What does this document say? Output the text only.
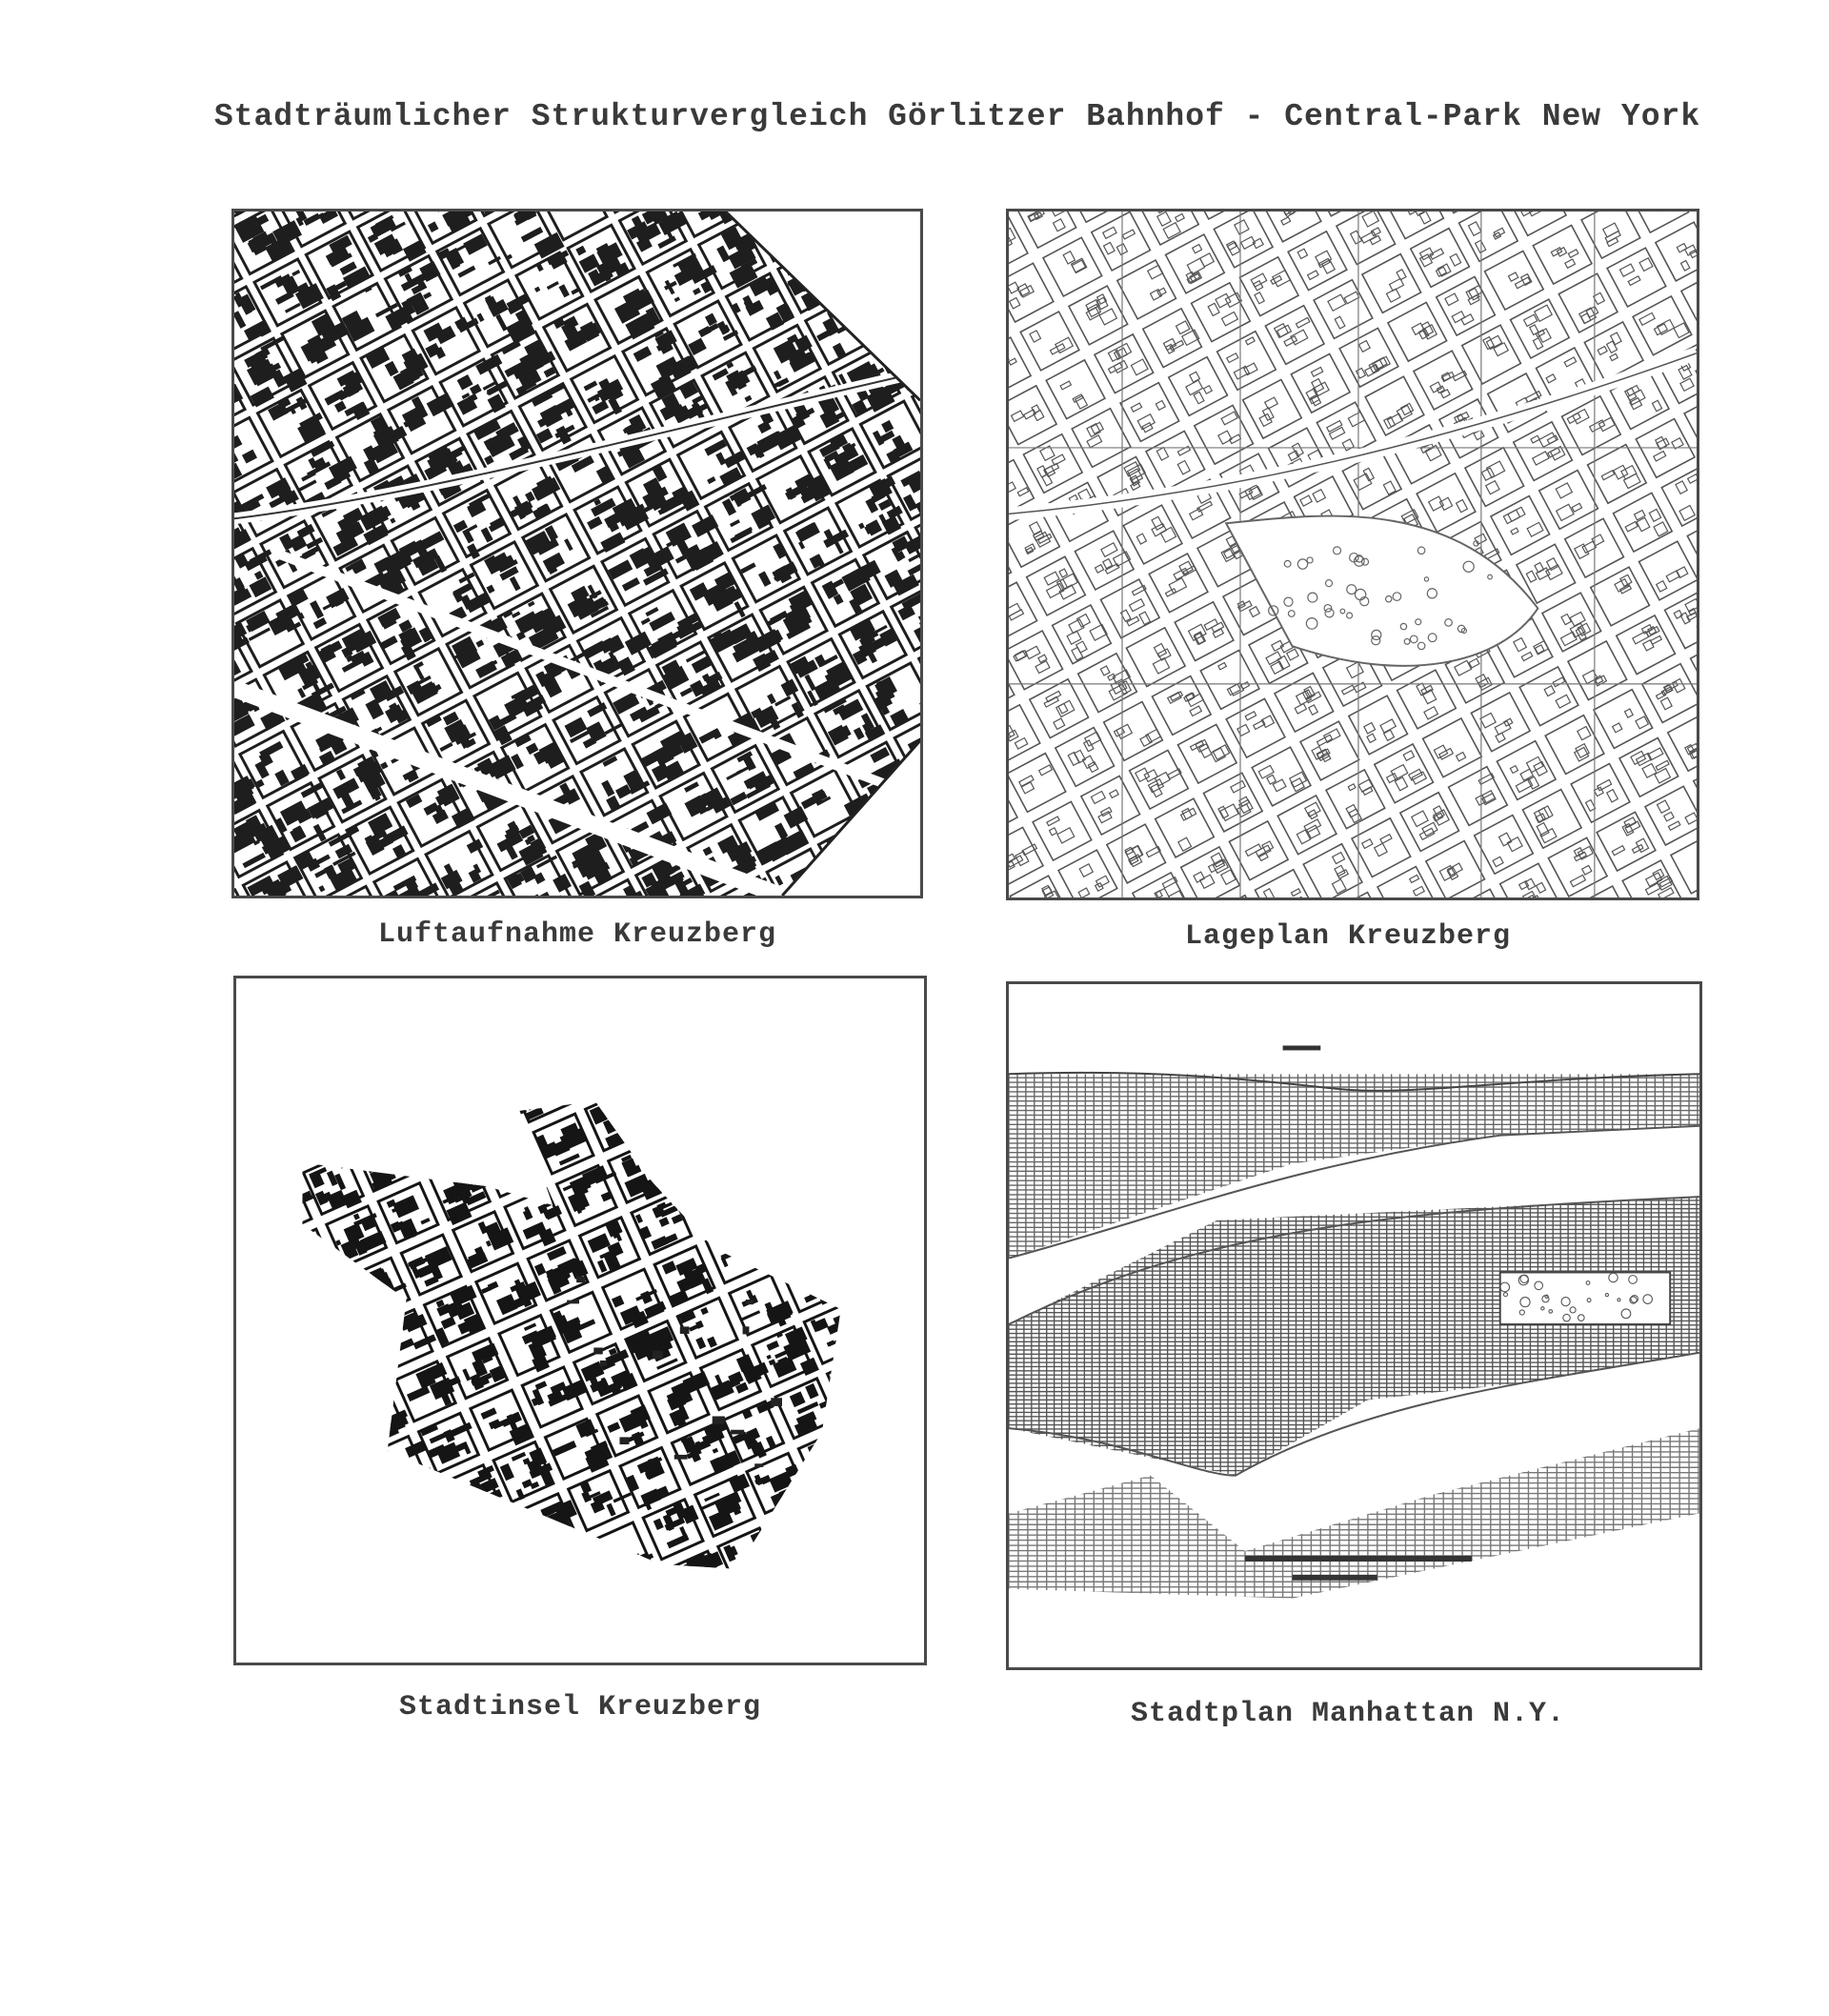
Stadträumlicher Strukturvergleich Görlitzer Bahnhof - Central-Park New York
Luftaufnahme Kreuzberg	Lageplan Kreuzberg
Stadtinsel Kreuzberg	Stadtplan Manhattan N.Y.
